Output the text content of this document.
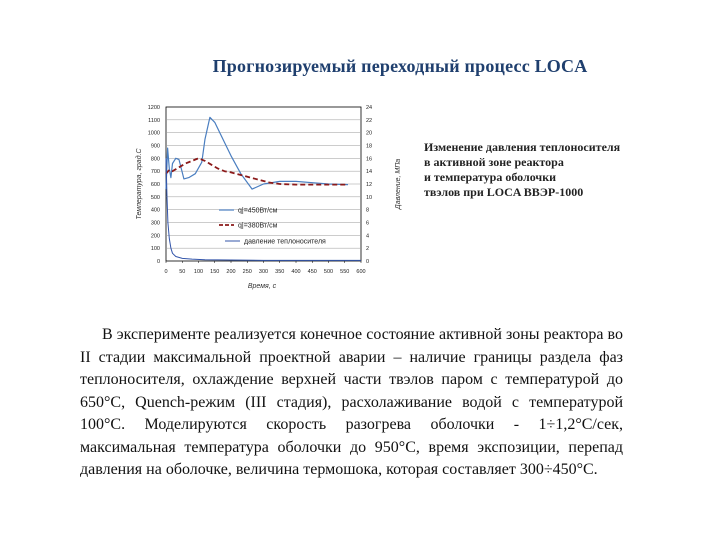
Прогнозируемый переходный процесс LOCA
0
100
200
300
400
500
600
700
800
900
1000
1100
1200
0
2
4
6
8
10
12
14
16
18
20
22
24
0 50 100 150 200 250 300 350 400 450 500 550 600
q|=450Вт/см
q|=380Вт/см
давление теплоносителя
Время, с
Температура, град.С	Давление, МПа
Изменение давления теплоносителя
в активной зоне реактора
и температура оболочки
твэлов при LOCA ВВЭР-1000
В эксперименте реализуется конечное состояние активной зоны реактора во II стадии максимальной проектной аварии – наличие границы раздела фаз теплоносителя, охлаждение верхней части твэлов паром с температурой до 650°С, Quench-режим (III стадия), расхолаживание водой с температурой 100°С. Моделируются скорость разогрева оболочки - 1÷1,2°С/сек, максимальная температура оболочки до 950°С, время экспозиции, перепад давления на оболочке, величина термошока, которая составляет 300÷450°С.
